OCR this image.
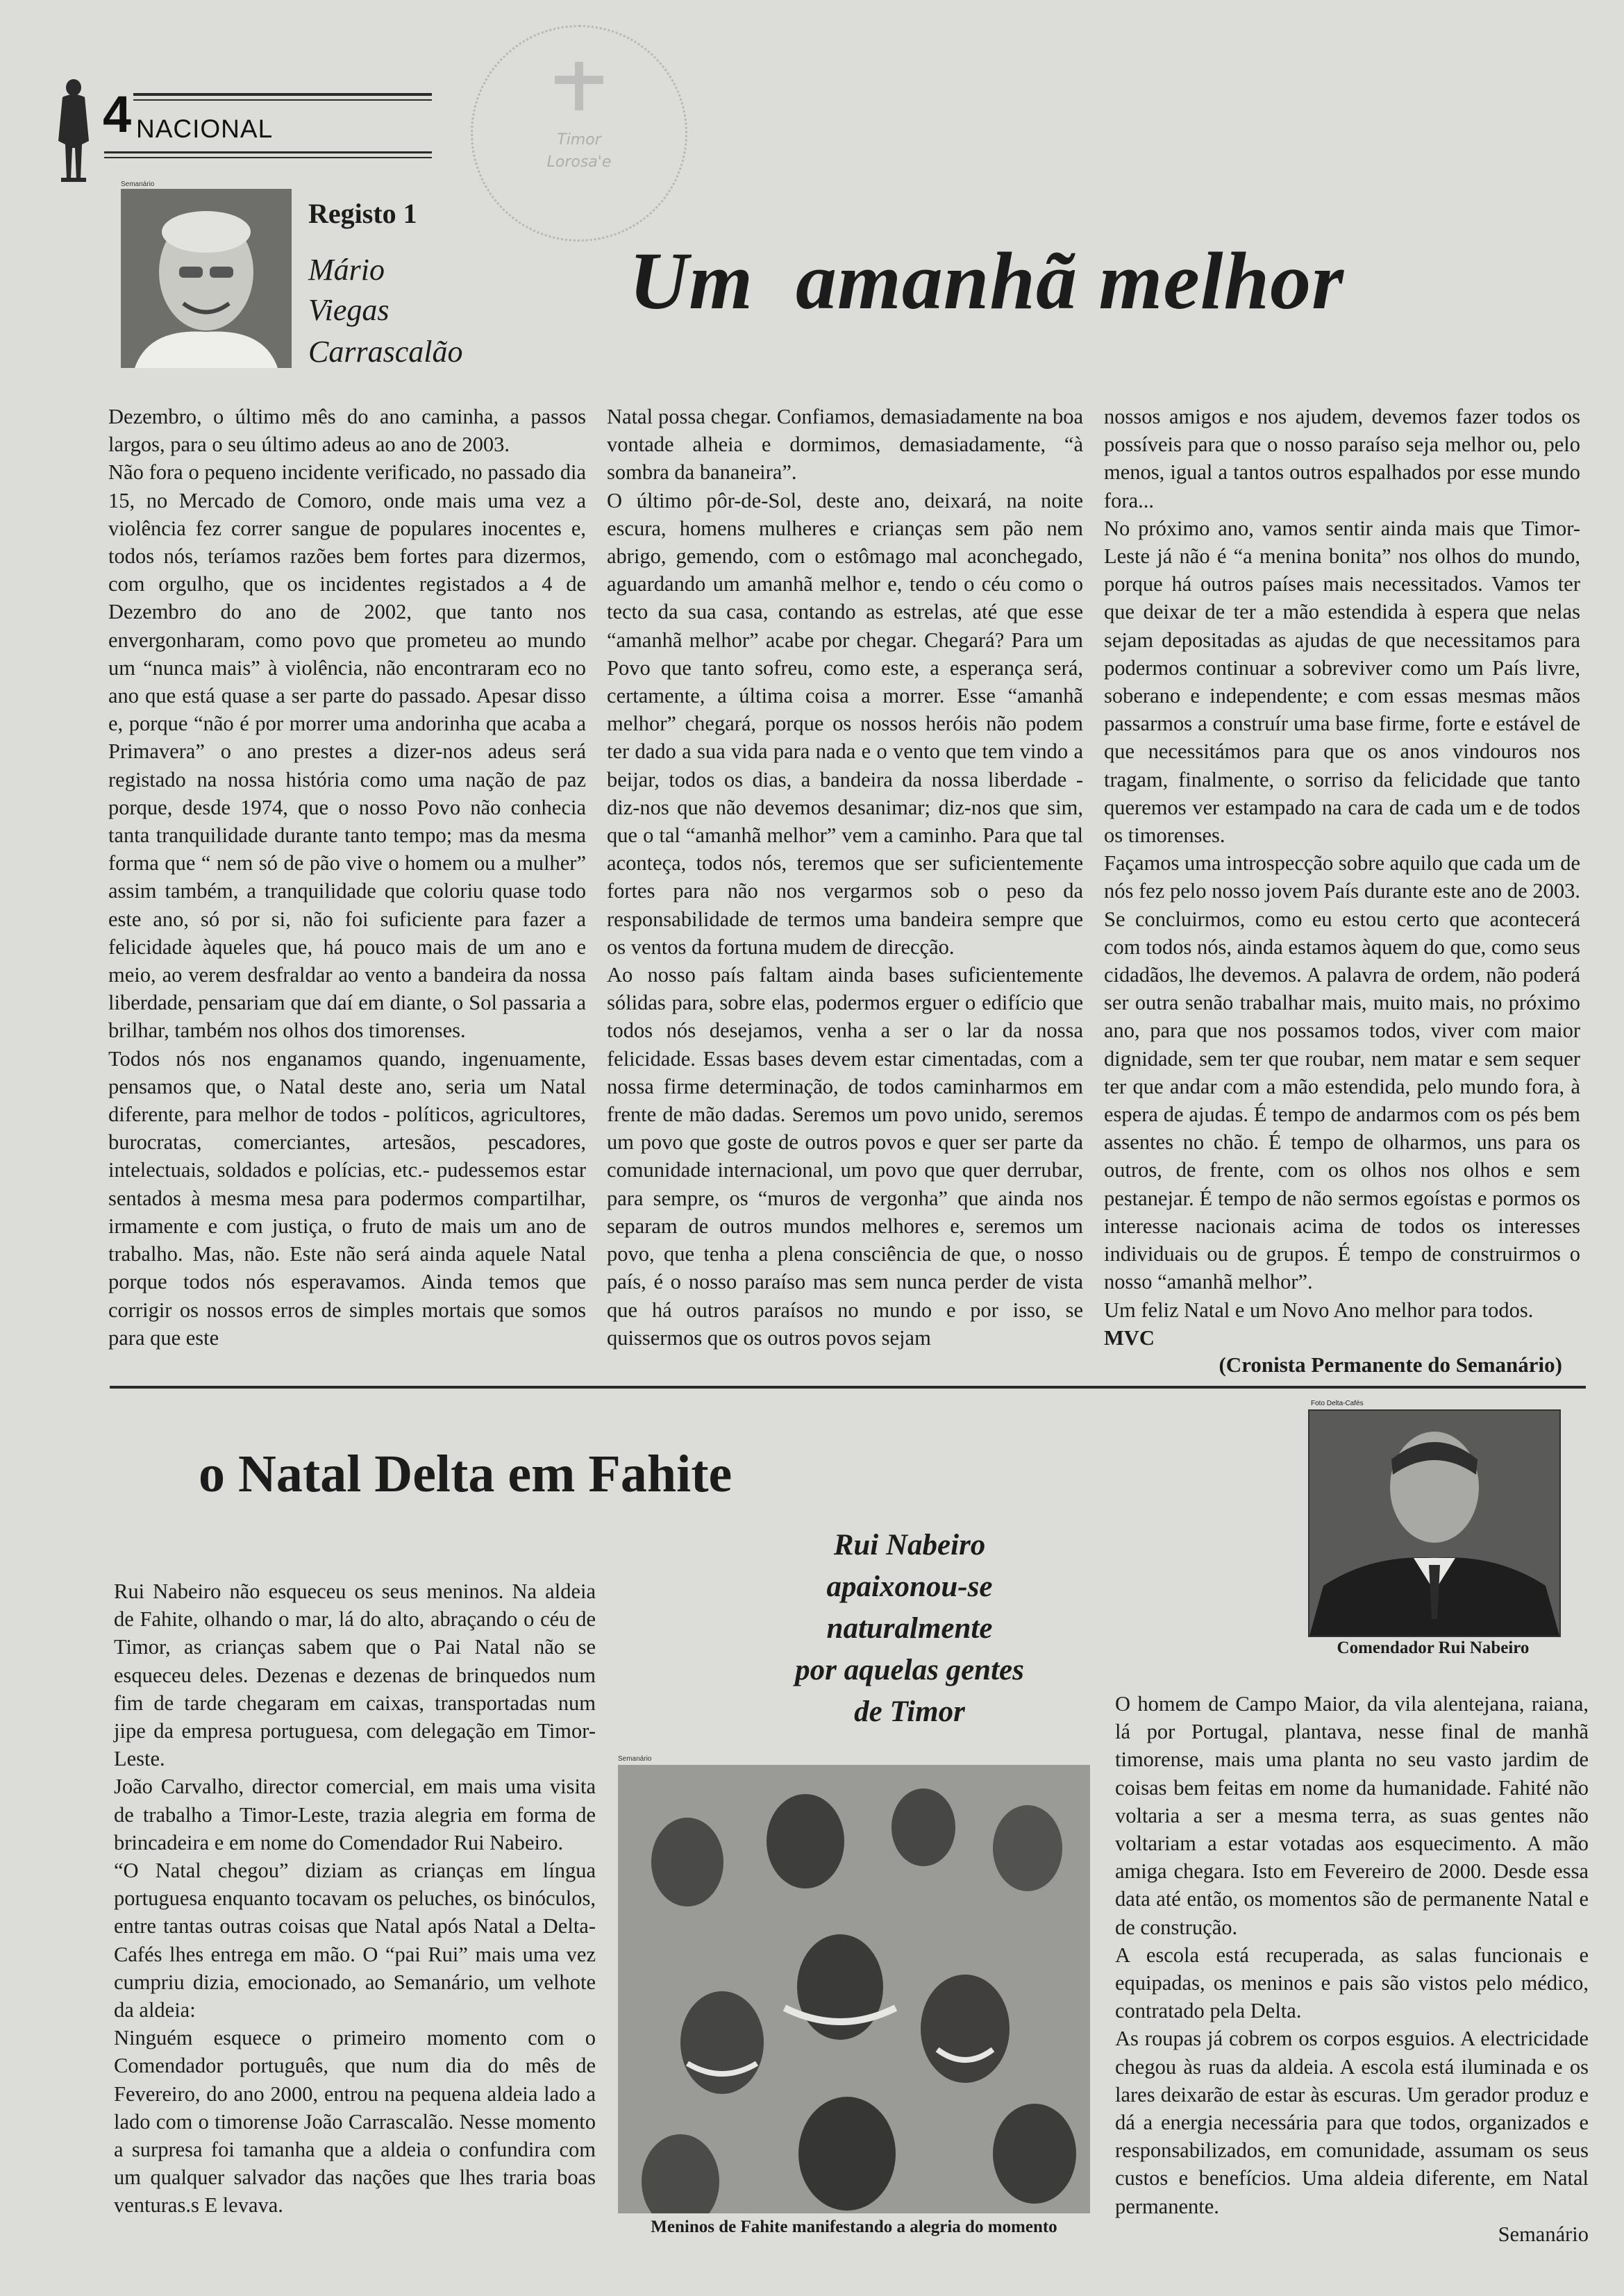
4 NACIONAL	Timor
Lorosa'e
Semanário
Registo 1
Mário
Viegas
Carrascalão
Um  amanhã melhor

Dezembro, o último mês do ano caminha, a passos largos, para o seu último adeus ao ano de 2003.

Não fora o pequeno incidente verificado, no passado dia 15, no Mercado de Comoro, onde mais uma vez a violência fez correr sangue de populares inocentes e, todos nós, teríamos razões bem fortes para dizermos, com orgulho, que os incidentes registados a 4 de Dezembro do ano de 2002, que tanto nos envergonharam, como povo que prometeu ao mundo um “nunca mais” à violência, não encontraram eco no ano que está quase a ser parte do passado. Apesar disso e, porque “não é por morrer uma andorinha que acaba a Primavera” o ano prestes a dizer-nos adeus será registado na nossa história como uma nação de paz porque, desde 1974, que o nosso Povo não conhecia tanta tranquilidade durante tanto tempo; mas da mesma forma que “ nem só de pão vive o homem ou a mulher” assim também, a tranquilidade que coloriu quase todo este ano, só por si, não foi suficiente para fazer a felicidade àqueles que, há pouco mais de um ano e meio, ao verem desfraldar ao vento a bandeira da nossa liberdade, pensariam que daí em diante, o Sol passaria a brilhar, também nos olhos dos timorenses.

Todos nós nos enganamos quando, ingenuamente, pensamos que, o Natal deste ano, seria um Natal diferente, para melhor de todos - políticos, agricultores, burocratas, comerciantes, artesãos, pescadores, intelectuais, soldados e polícias, etc.- pudessemos estar sentados à mesma mesa para podermos compartilhar, irmamente e com justiça, o fruto de mais um ano de trabalho. Mas, não. Este não será ainda aquele Natal porque todos nós esperavamos. Ainda temos que corrigir os nossos erros de simples mortais que somos para que este

Natal possa chegar. Confiamos, demasiadamente na boa vontade alheia e dormimos, demasiadamente, “à sombra da bananeira”.

O último pôr-de-Sol, deste ano, deixará, na noite escura, homens mulheres e crianças sem pão nem abrigo, gemendo, com o estômago mal aconchegado, aguardando um amanhã melhor e, tendo o céu como o tecto da sua casa, contando as estrelas, até que esse “amanhã melhor” acabe por chegar. Chegará? Para um Povo que tanto sofreu, como este, a esperança será, certamente, a última coisa a morrer. Esse “amanhã melhor” chegará, porque os nossos heróis não podem ter dado a sua vida para nada e o vento que tem vindo a beijar, todos os dias, a bandeira da nossa liberdade - diz-nos que não devemos desanimar; diz-nos que sim, que o tal “amanhã melhor” vem a caminho. Para que tal aconteça, todos nós, teremos que ser suficientemente fortes para não nos vergarmos sob o peso da responsabilidade de termos uma bandeira sempre que os ventos da fortuna mudem de direcção.

Ao nosso país faltam ainda bases suficientemente sólidas para, sobre elas, podermos erguer o edifício que todos nós desejamos, venha a ser o lar da nossa felicidade. Essas bases devem estar cimentadas, com a nossa firme determinação, de todos caminharmos em frente de mão dadas. Seremos um povo unido, seremos um povo que goste de outros povos e quer ser parte da comunidade internacional, um povo que quer derrubar, para sempre, os “muros de vergonha” que ainda nos separam de outros mundos melhores e, seremos um povo, que tenha a plena consciência de que, o nosso país, é o nosso paraíso mas sem nunca perder de vista que há outros paraísos no mundo e por isso, se quissermos que os outros povos sejam

nossos amigos e nos ajudem, devemos fazer todos os possíveis para que o nosso paraíso seja melhor ou, pelo menos, igual a tantos outros espalhados por esse mundo fora...

No próximo ano, vamos sentir ainda mais que Timor-Leste já não é “a menina bonita” nos olhos do mundo, porque há outros países mais necessitados. Vamos ter que deixar de ter a mão estendida à espera que nelas sejam depositadas as ajudas de que necessitamos para podermos continuar a sobreviver como um País livre, soberano e independente; e com essas mesmas mãos passarmos a construír uma base firme, forte e estável de que necessitámos para que os anos vindouros nos tragam, finalmente, o sorriso da felicidade que tanto queremos ver estampado na cara de cada um e de todos os timorenses.

Façamos uma introspecção sobre aquilo que cada um de nós fez pelo nosso jovem País durante este ano de 2003. Se concluirmos, como eu estou certo que acontecerá com todos nós, ainda estamos àquem do que, como seus cidadãos, lhe devemos. A palavra de ordem, não poderá ser outra senão trabalhar mais, muito mais, no próximo ano, para que nos possamos todos, viver com maior dignidade, sem ter que roubar, nem matar e sem sequer ter que andar com a mão estendida, pelo mundo fora, à espera de ajudas. É tempo de andarmos com os pés bem assentes no chão. É tempo de olharmos, uns para os outros, de frente, com os olhos nos olhos e sem pestanejar. É tempo de não sermos egoístas e pormos os interesse nacionais acima de todos os interesses individuais ou de grupos. É tempo de construirmos o nosso “amanhã melhor”.

Um feliz Natal e um Novo Ano melhor para todos.

MVC

(Cronista Permanente do Semanário)
o Natal Delta em Fahite
Rui Nabeiro
apaixonou-se
naturalmente
por aquelas gentes
de Timor
Foto Delta-Cafés
Comendador Rui Nabeiro

Rui Nabeiro não esqueceu os seus meninos. Na aldeia de Fahite, olhando o mar, lá do alto, abraçando o céu de Timor, as crianças sabem que o Pai Natal não se esqueceu deles. Dezenas e dezenas de brinquedos num fim de tarde chegaram em caixas, transportadas num jipe da empresa portuguesa, com delegação em Timor-Leste.

João Carvalho, director comercial, em mais uma visita de trabalho a Timor-Leste, trazia alegria em forma de brincadeira e em nome do Comendador Rui Nabeiro.

“O Natal chegou” diziam as crianças em língua portuguesa enquanto tocavam os peluches, os binóculos, entre tantas outras coisas que Natal após Natal a Delta-Cafés lhes entrega em mão. O “pai Rui” mais uma vez cumpriu dizia, emocionado, ao Semanário, um velhote da aldeia:

Ninguém esquece o primeiro momento com o Comendador português, que num dia do mês de Fevereiro, do ano 2000, entrou na pequena aldeia lado a lado com o timorense João Carrascalão. Nesse momento a surpresa foi tamanha que a aldeia o confundira com um qualquer salvador das nações que lhes traria boas venturas.s E levava.

Semanário
Meninos de Fahite manifestando a alegria do momento

O homem de Campo Maior, da vila alentejana, raiana, lá por Portugal, plantava, nesse final de manhã timorense, mais uma planta no seu vasto jardim de coisas bem feitas em nome da humanidade. Fahité não voltaria a ser a mesma terra, as suas gentes não voltariam a estar votadas aos esquecimento. A mão amiga chegara. Isto em Fevereiro de 2000. Desde essa data até então, os momentos são de permanente Natal e de construção.

A escola está recuperada, as salas funcionais e equipadas, os meninos e pais são vistos pelo médico, contratado pela Delta.

As roupas já cobrem os corpos esguios. A electricidade chegou às ruas da aldeia. A escola está iluminada e os lares deixarão de estar às escuras. Um gerador produz e dá a energia necessária para que todos, organizados e responsabilizados, em comunidade, assumam os seus custos e benefícios. Uma aldeia diferente, em Natal permanente.

Semanário
